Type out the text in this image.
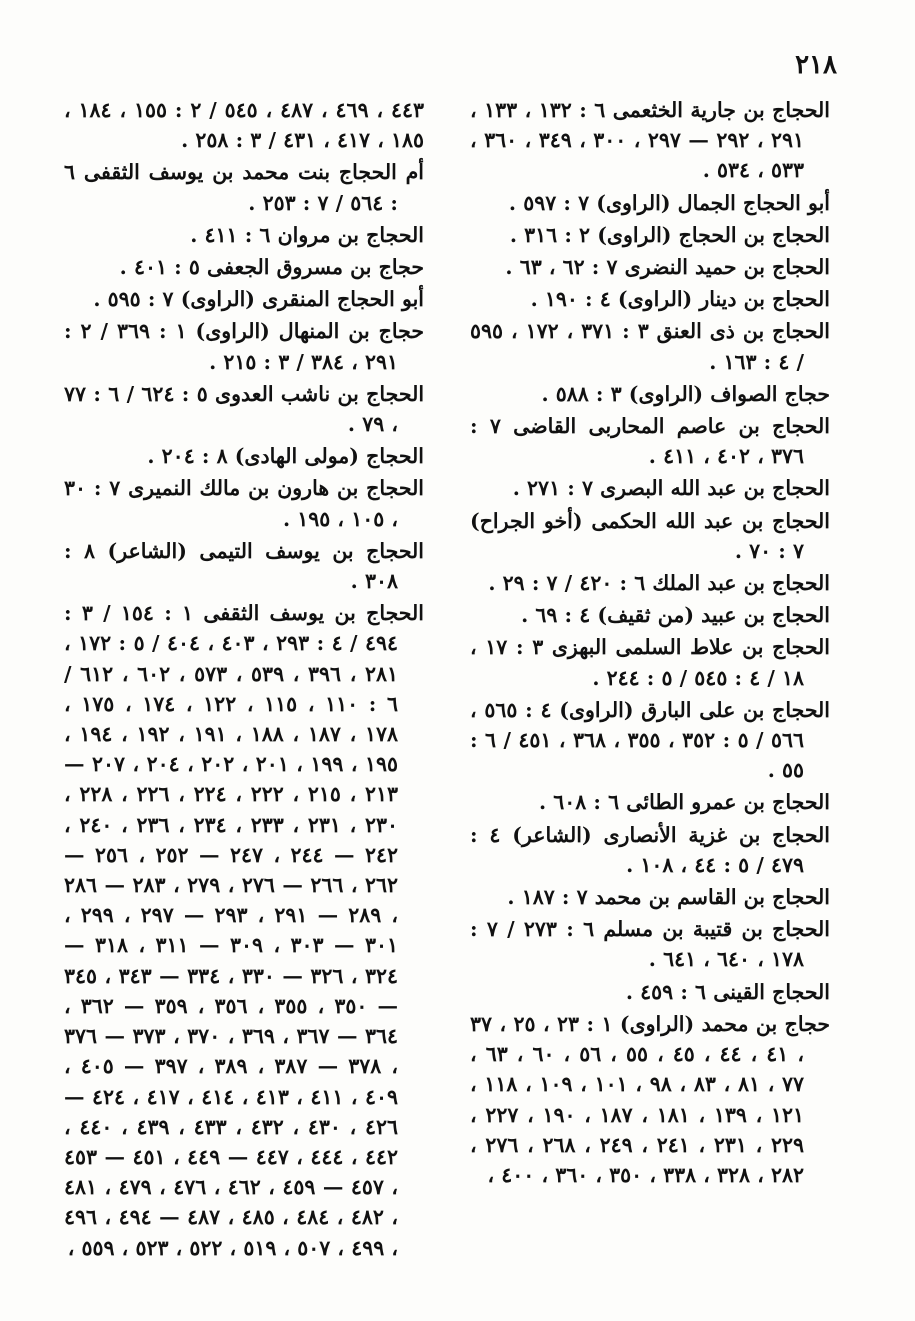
٢١٨

الحجاج بن جارية الخثعمى ٦ : ١٣٢ ، ١٣٣ ، ٢٩١ ، ٢٩٢ — ٢٩٧ ، ٣٠٠ ، ٣٤٩ ، ٣٦٠ ، ٥٣٣ ، ٥٣٤ .

أبو الحجاج الجمال (الراوى) ٧ : ٥٩٧ .

الحجاج بن الحجاج (الراوى) ٢ : ٣١٦ .

الحجاج بن حميد النضرى ٧ : ٦٢ ، ٦٣ .

الحجاج بن دينار (الراوى) ٤ : ١٩٠ .

الحجاج بن ذى العنق ٣ : ٣٧١ ، ١٧٢ ، ٥٩٥ / ٤ : ١٦٣ .

حجاج الصواف (الراوى) ٣ : ٥٨٨ .

الحجاج بن عاصم المحاربى القاضى ٧ : ٣٧٦ ، ٤٠٢ ، ٤١١ .

الحجاج بن عبد الله البصرى ٧ : ٢٧١ .

الحجاج بن عبد الله الحكمى (أخو الجراح) ٧ : ٧٠ .

الحجاج بن عبد الملك ٦ : ٤٢٠ / ٧ : ٢٩ .

الحجاج بن عبيد (من ثقيف) ٤ : ٦٩ .

الحجاج بن علاط السلمى البهزى ٣ : ١٧ ، ١٨ / ٤ : ٥٤٥ / ٥ : ٢٤٤ .

الحجاج بن على البارق (الراوى) ٤ : ٥٦٥ ، ٥٦٦ / ٥ : ٣٥٢ ، ٣٥٥ ، ٣٦٨ ، ٤٥١ / ٦ : ٥٥ .

الحجاج بن عمرو الطائى ٦ : ٦٠٨ .

الحجاج بن غزية الأنصارى (الشاعر) ٤ : ٤٧٩ / ٥ : ٤٤ ، ١٠٨ .

الحجاج بن القاسم بن محمد ٧ : ١٨٧ .

الحجاج بن قتيبة بن مسلم ٦ : ٢٧٣ / ٧ : ١٧٨ ، ٦٤٠ ، ٦٤١ .

الحجاج القينى ٦ : ٤٥٩ .

حجاج بن محمد (الراوى) ١ : ٢٣ ، ٢٥ ، ٣٧ ، ٤١ ، ٤٤ ، ٤٥ ، ٥٥ ، ٥٦ ، ٦٠ ، ٦٣ ، ٧٧ ، ٨١ ، ٨٣ ، ٩٨ ، ١٠١ ، ١٠٩ ، ١١٨ ، ١٢١ ، ١٣٩ ، ١٨١ ، ١٨٧ ، ١٩٠ ، ٢٢٧ ، ٢٢٩ ، ٢٣١ ، ٢٤١ ، ٢٤٩ ، ٢٦٨ ، ٢٧٦ ، ٢٨٢ ، ٣٢٨ ، ٣٣٨ ، ٣٥٠ ، ٣٦٠ ، ٤٠٠ ،

٤٤٣ ، ٤٦٩ ، ٤٨٧ ، ٥٤٥ / ٢ : ١٥٥ ، ١٨٤ ، ١٨٥ ، ٤١٧ ، ٤٣١ / ٣ : ٢٥٨ .

أم الحجاج بنت محمد بن يوسف الثقفى ٦ : ٥٦٤ / ٧ : ٢٥٣ .

الحجاج بن مروان ٦ : ٤١١ .

حجاج بن مسروق الجعفى ٥ : ٤٠١ .

أبو الحجاج المنقرى (الراوى) ٧ : ٥٩٥ .

حجاج بن المنهال (الراوى) ١ : ٣٦٩ / ٢ : ٢٩١ ، ٣٨٤ / ٣ : ٢١٥ .

الحجاج بن ناشب العدوى ٥ : ٦٢٤ / ٦ : ٧٧ ، ٧٩ .

الحجاج (مولى الهادى) ٨ : ٢٠٤ .

الحجاج بن هارون بن مالك النميرى ٧ : ٣٠ ، ١٠٥ ، ١٩٥ .

الحجاج بن يوسف التيمى (الشاعر) ٨ : ٣٠٨ .

الحجاج بن يوسف الثقفى ١ : ١٥٤ / ٣ : ٤٩٤ / ٤ : ٢٩٣ ، ٤٠٣ ، ٤٠٤ / ٥ : ١٧٢ ، ٢٨١ ، ٣٩٦ ، ٥٣٩ ، ٥٧٣ ، ٦٠٢ ، ٦١٢ / ٦ : ١١٠ ، ١١٥ ، ١٢٢ ، ١٧٤ ، ١٧٥ ، ١٧٨ ، ١٨٧ ، ١٨٨ ، ١٩١ ، ١٩٢ ، ١٩٤ ، ١٩٥ ، ١٩٩ ، ٢٠١ ، ٢٠٢ ، ٢٠٤ ، ٢٠٧ — ٢١٣ ، ٢١٥ ، ٢٢٢ ، ٢٢٤ ، ٢٢٦ ، ٢٢٨ ، ٢٣٠ ، ٢٣١ ، ٢٣٣ ، ٢٣٤ ، ٢٣٦ ، ٢٤٠ ، ٢٤٢ — ٢٤٤ ، ٢٤٧ — ٢٥٢ ، ٢٥٦ — ٢٦٢ ، ٢٦٦ — ٢٧٦ ، ٢٧٩ ، ٢٨٣ — ٢٨٦ ، ٢٨٩ — ٢٩١ ، ٢٩٣ — ٢٩٧ ، ٢٩٩ ، ٣٠١ — ٣٠٣ ، ٣٠٩ — ٣١١ ، ٣١٨ — ٣٢٤ ، ٣٢٦ — ٣٣٠ ، ٣٣٤ — ٣٤٣ ، ٣٤٥ — ٣٥٠ ، ٣٥٥ ، ٣٥٦ ، ٣٥٩ — ٣٦٢ ، ٣٦٤ — ٣٦٧ ، ٣٦٩ ، ٣٧٠ ، ٣٧٣ — ٣٧٦ ، ٣٧٨ — ٣٨٧ ، ٣٨٩ ، ٣٩٧ — ٤٠٥ ، ٤٠٩ ، ٤١١ ، ٤١٣ ، ٤١٤ ، ٤١٧ ، ٤٢٤ — ٤٢٦ ، ٤٣٠ ، ٤٣٢ ، ٤٣٣ ، ٤٣٩ ، ٤٤٠ ، ٤٤٢ ، ٤٤٤ ، ٤٤٧ — ٤٤٩ ، ٤٥١ — ٤٥٣ ، ٤٥٧ — ٤٥٩ ، ٤٦٢ ، ٤٧٦ ، ٤٧٩ ، ٤٨١ ، ٤٨٢ ، ٤٨٤ ، ٤٨٥ ، ٤٨٧ — ٤٩٤ ، ٤٩٦ ، ٤٩٩ ، ٥٠٧ ، ٥١٩ ، ٥٢٢ ، ٥٢٣ ، ٥٥٩ ،
